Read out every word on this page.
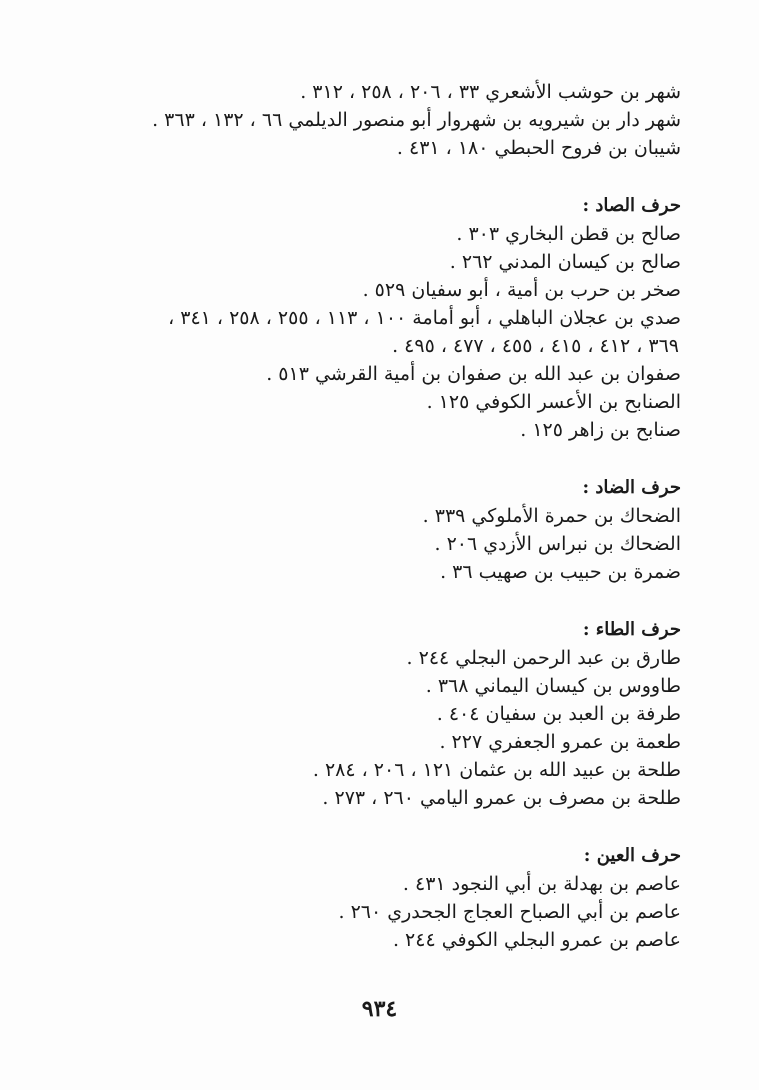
شهر بن حوشب الأشعري ٣٣ ، ٢٠٦ ، ٢٥٨ ، ٣١٢ .
شهر دار بن شيرويه بن شهروار أبو منصور الديلمي ٦٦ ، ١٣٢ ، ٣٦٣ .
شيبان بن فروح الحبطي ١٨٠ ، ٤٣١ .
حرف الصاد :
صالح بن قطن البخاري ٣٠٣ .
صالح بن كيسان المدني ٢٦٢ .
صخر بن حرب بن أمية ، أبو سفيان ٥٢٩ .
صدي بن عجلان الباهلي ، أبو أمامة ١٠٠ ، ١١٣ ، ٢٥٥ ، ٢٥٨ ، ٣٤١ ،
٣٦٩ ، ٤١٢ ، ٤١٥ ، ٤٥٥ ، ٤٧٧ ، ٤٩٥ .
صفوان بن عبد الله بن صفوان بن أمية القرشي ٥١٣ .
الصنابح بن الأعسر الكوفي ١٢٥ .
صنابح بن زاهر ١٢٥ .
حرف الضاد :
الضحاك بن حمرة الأملوكي ٣٣٩ .
الضحاك بن نبراس الأزدي ٢٠٦ .
ضمرة بن حبيب بن صهيب ٣٦ .
حرف الطاء :
طارق بن عبد الرحمن البجلي ٢٤٤ .
طاووس بن كيسان اليماني ٣٦٨ .
طرفة بن العبد بن سفيان ٤٠٤ .
طعمة بن عمرو الجعفري ٢٢٧ .
طلحة بن عبيد الله بن عثمان ١٢١ ، ٢٠٦ ، ٢٨٤ .
طلحة بن مصرف بن عمرو اليامي ٢٦٠ ، ٢٧٣ .
حرف العين :
عاصم بن بهدلة بن أبي النجود ٤٣١ .
عاصم بن أبي الصباح العجاج الجحدري ٢٦٠ .
عاصم بن عمرو البجلي الكوفي ٢٤٤ .
٩٣٤
